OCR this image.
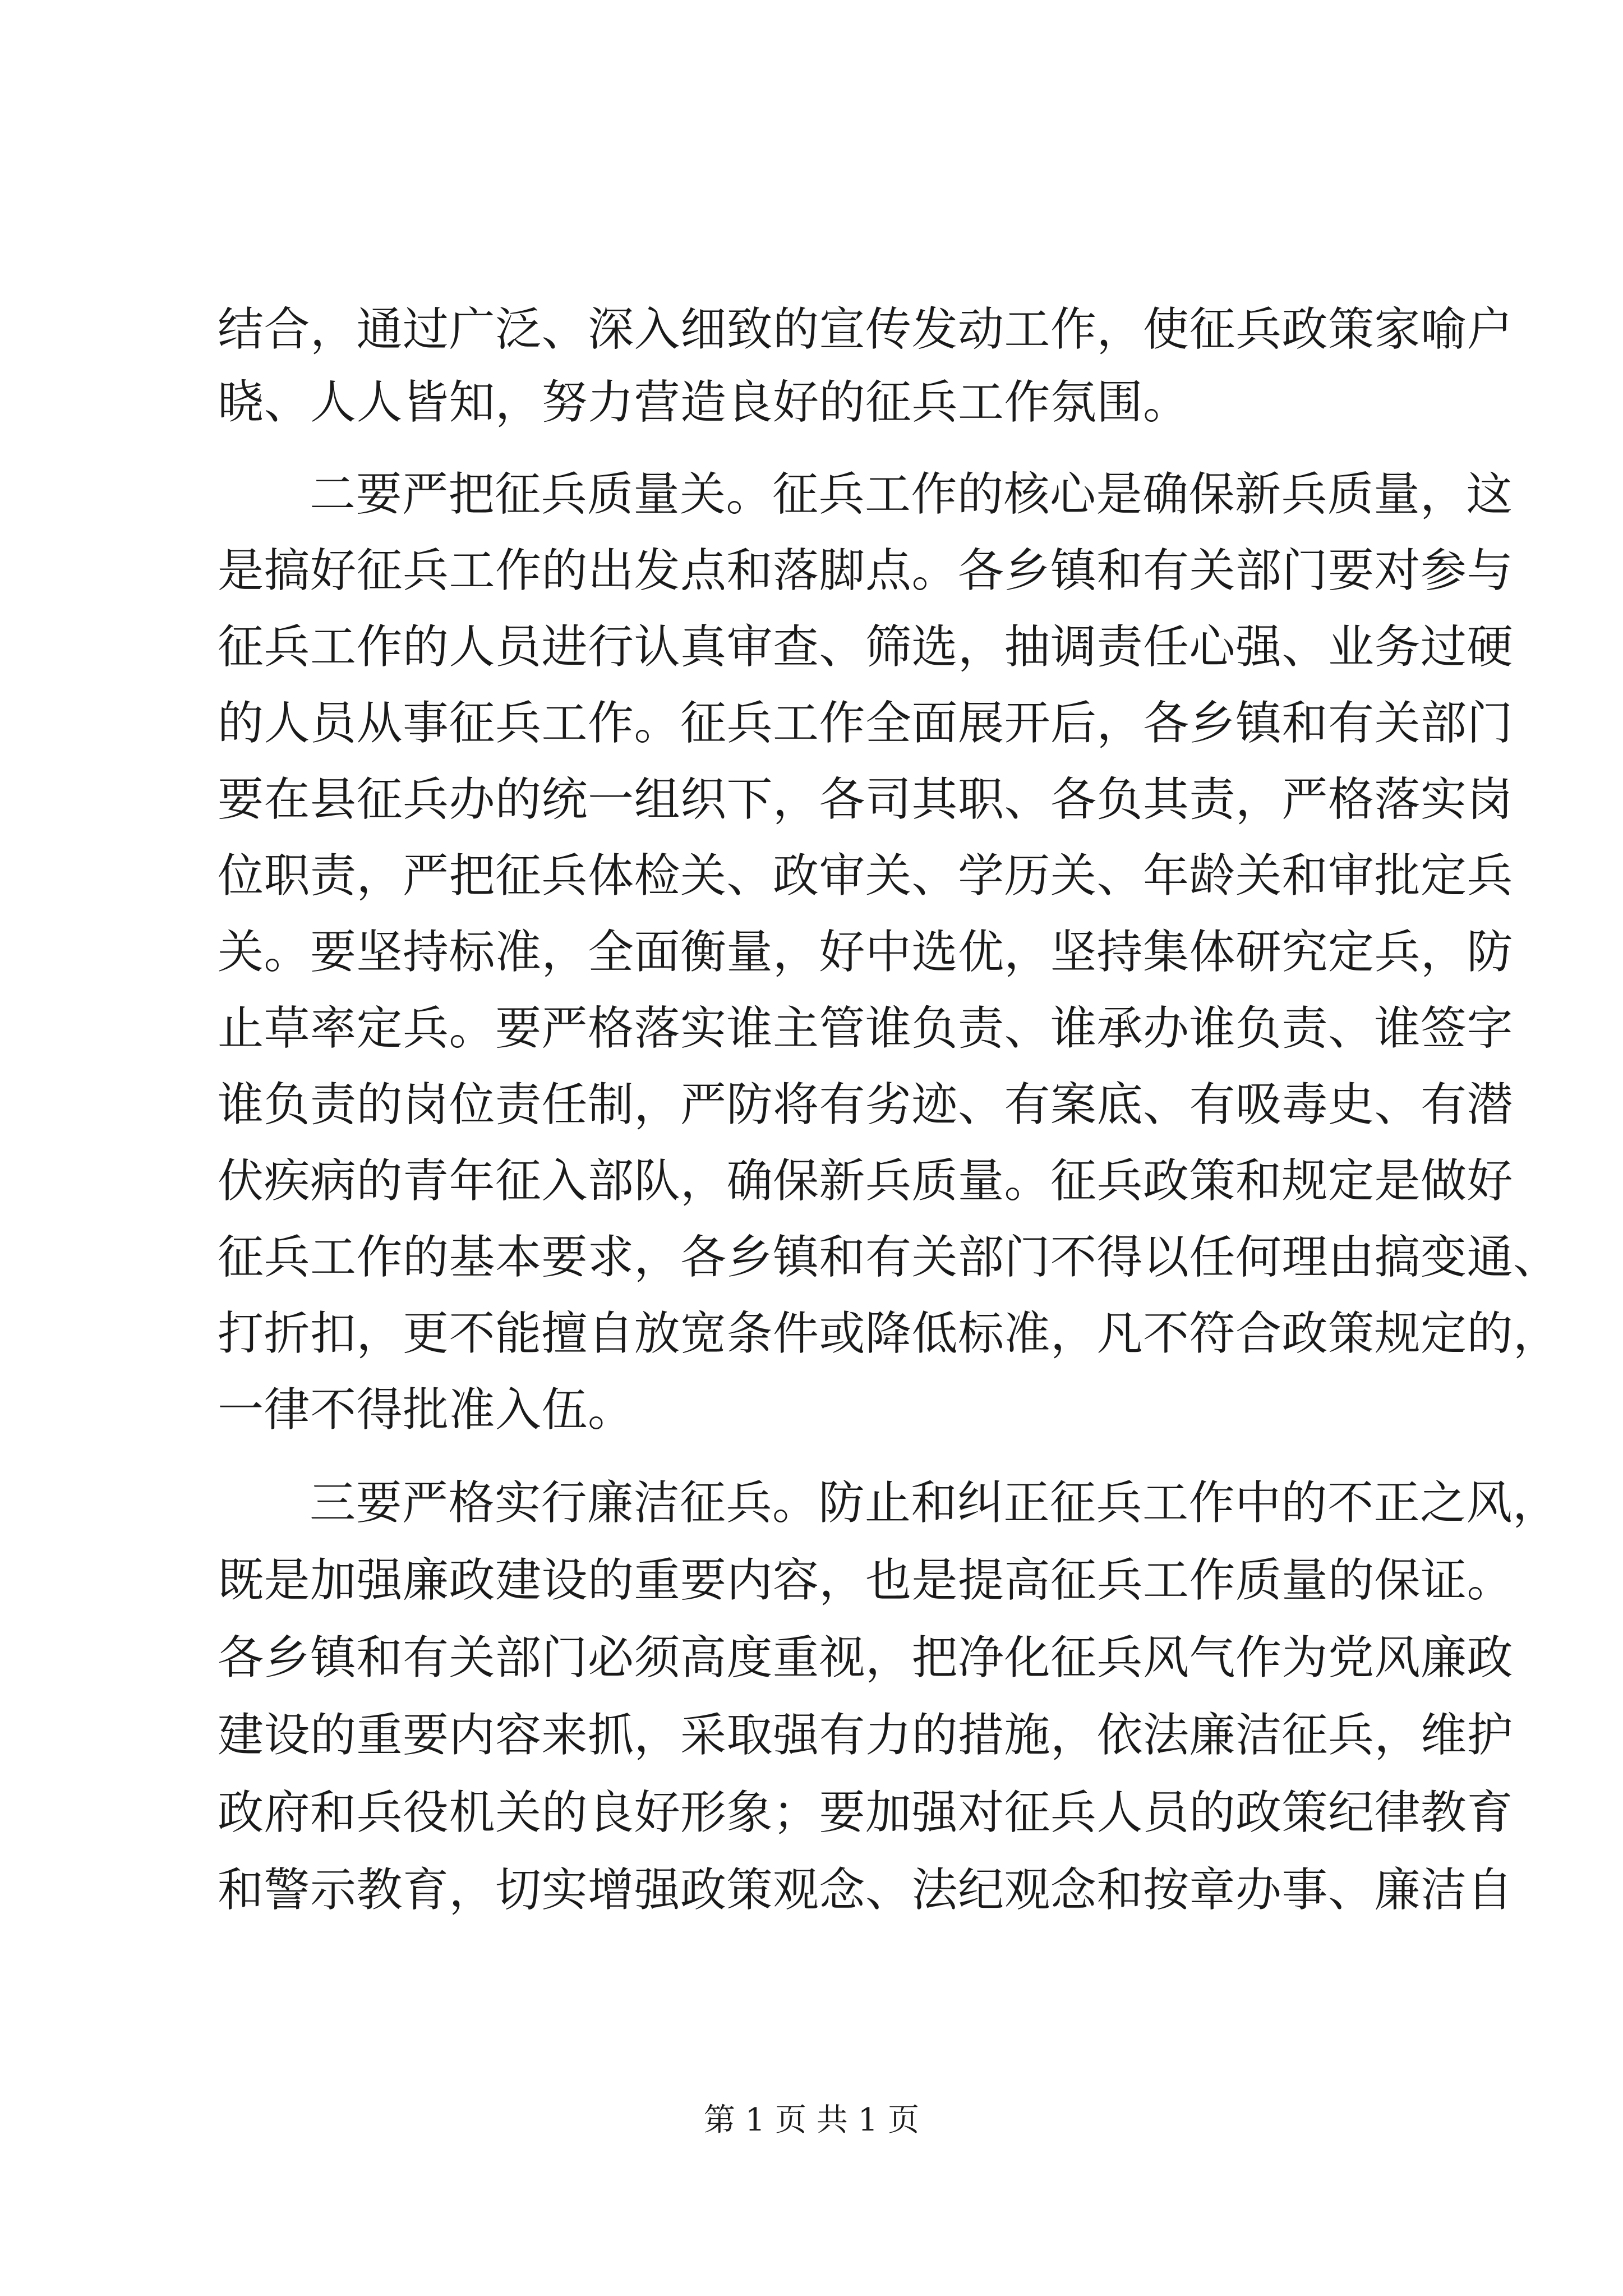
结合，通过广泛、深入细致的宣传发动工作，使征兵政策家喻户
晓、人人皆知，努力营造良好的征兵工作氛围。
二要严把征兵质量关。征兵工作的核心是确保新兵质量，这
是搞好征兵工作的出发点和落脚点。各乡镇和有关部门要对参与
征兵工作的人员进行认真审查、筛选，抽调责任心强、业务过硬
的人员从事征兵工作。征兵工作全面展开后，各乡镇和有关部门
要在县征兵办的统一组织下，各司其职、各负其责，严格落实岗
位职责，严把征兵体检关、政审关、学历关、年龄关和审批定兵
关。要坚持标准，全面衡量，好中选优，坚持集体研究定兵，防
止草率定兵。要严格落实谁主管谁负责、谁承办谁负责、谁签字
谁负责的岗位责任制，严防将有劣迹、有案底、有吸毒史、有潜
伏疾病的青年征入部队，确保新兵质量。征兵政策和规定是做好
征兵工作的基本要求，各乡镇和有关部门不得以任何理由搞变通、
打折扣，更不能擅自放宽条件或降低标准，凡不符合政策规定的，
一律不得批准入伍。
三要严格实行廉洁征兵。防止和纠正征兵工作中的不正之风，
既是加强廉政建设的重要内容，也是提高征兵工作质量的保证。
各乡镇和有关部门必须高度重视，把净化征兵风气作为党风廉政
建设的重要内容来抓，采取强有力的措施，依法廉洁征兵，维护
政府和兵役机关的良好形象；要加强对征兵人员的政策纪律教育
和警示教育，切实增强政策观念、法纪观念和按章办事、廉洁自
第 1 页 共 1 页
